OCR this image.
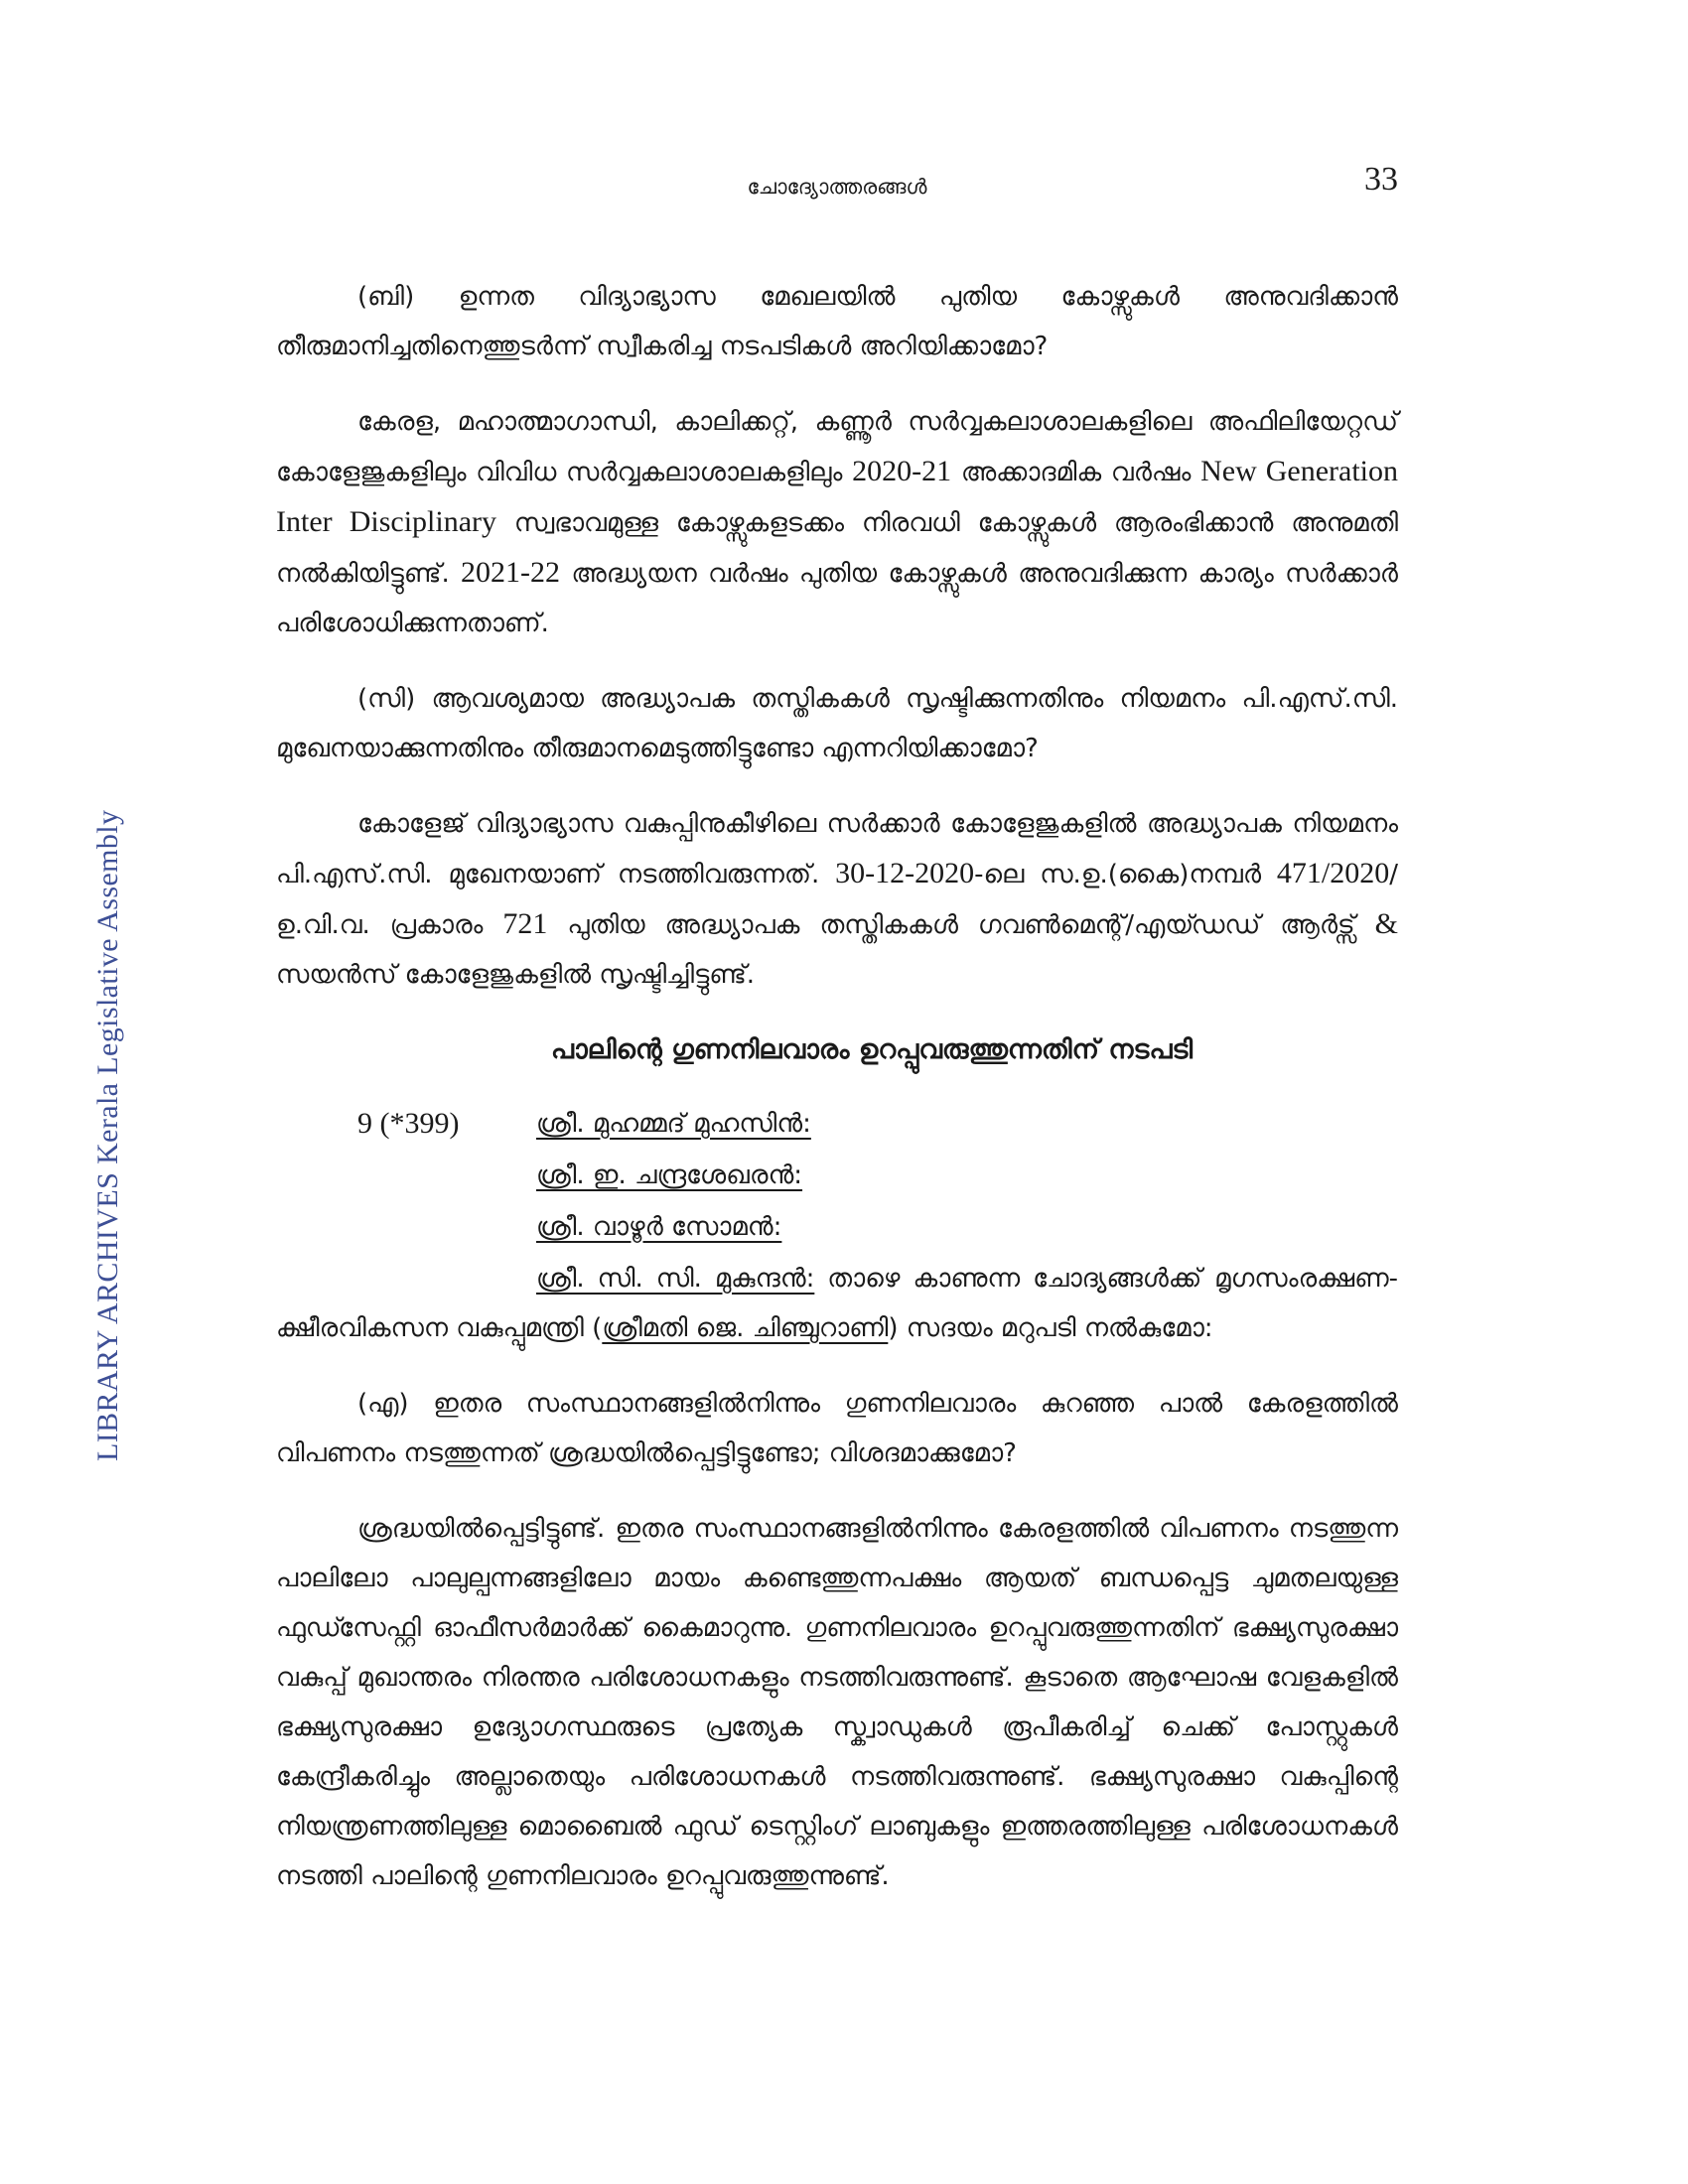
LIBRARY ARCHIVES Kerala Legislative Assembly
ചോദ്യോത്തരങ്ങൾ	33

(ബി) ഉന്നത വിദ്യാഭ്യാസ മേഖലയിൽ പുതിയ കോഴ്സുകൾ അനുവദിക്കാൻ തീരുമാനിച്ചതിനെത്തുടർന്ന് സ്വീകരിച്ച നടപടികൾ അറിയിക്കാമോ?

കേരള, മഹാത്മാഗാന്ധി, കാലിക്കറ്റ്, കണ്ണൂർ സർവ്വകലാശാലകളിലെ അഫിലിയേറ്റഡ് കോളേജുകളിലും വിവിധ സർവ്വകലാശാലകളിലും 2020-21 അക്കാദമിക വർഷം New Generation Inter Disciplinary സ്വഭാവമുള്ള കോഴ്സുകളടക്കം നിരവധി കോഴ്സുകൾ ആരംഭിക്കാൻ അനുമതി നൽകിയിട്ടുണ്ട്. 2021-22 അദ്ധ്യയന വർഷം പുതിയ കോഴ്സുകൾ അനുവദിക്കുന്ന കാര്യം സർക്കാർ പരിശോധിക്കുന്നതാണ്.

(സി) ആവശ്യമായ അദ്ധ്യാപക തസ്തികകൾ സൃഷ്ടിക്കുന്നതിനും നിയമനം പി.എസ്.സി. മുഖേനയാക്കുന്നതിനും തീരുമാനമെടുത്തിട്ടുണ്ടോ എന്നറിയിക്കാമോ?

കോളേജ് വിദ്യാഭ്യാസ വകുപ്പിനുകീഴിലെ സർക്കാർ കോളേജുകളിൽ അദ്ധ്യാപക നിയമനം പി.എസ്.സി. മുഖേനയാണ് നടത്തിവരുന്നത്. 30-12-2020-ലെ സ.ഉ.(കൈ)നമ്പർ 471/2020/ഉ.വി.വ. പ്രകാരം 721 പുതിയ അദ്ധ്യാപക തസ്തികകൾ ഗവൺമെന്റ്/എയ്ഡഡ് ആർട്സ് & സയൻസ് കോളേജുകളിൽ സൃഷ്ടിച്ചിട്ടുണ്ട്.

പാലിന്റെ ഗുണനിലവാരം ഉറപ്പുവരുത്തുന്നതിന് നടപടി
9 (*399)	ശ്രീ. മുഹമ്മദ് മുഹസിൻ:
ശ്രീ. ഇ. ചന്ദ്രശേഖരൻ:
ശ്രീ. വാഴൂർ സോമൻ:

ശ്രീ. സി. സി. മുകുന്ദൻ: താഴെ കാണുന്ന ചോദ്യങ്ങൾക്ക് മൃഗസംരക്ഷണ-ക്ഷീരവികസന വകുപ്പുമന്ത്രി (ശ്രീമതി ജെ. ചിഞ്ചുറാണി) സദയം മറുപടി നൽകുമോ:

(എ) ഇതര സംസ്ഥാനങ്ങളിൽനിന്നും ഗുണനിലവാരം കുറഞ്ഞ പാൽ കേരളത്തിൽ വിപണനം നടത്തുന്നത് ശ്രദ്ധയിൽപ്പെട്ടിട്ടുണ്ടോ; വിശദമാക്കുമോ?

ശ്രദ്ധയിൽപ്പെട്ടിട്ടുണ്ട്. ഇതര സംസ്ഥാനങ്ങളിൽനിന്നും കേരളത്തിൽ വിപണനം നടത്തുന്ന പാലിലോ പാലുല്പന്നങ്ങളിലോ മായം കണ്ടെത്തുന്നപക്ഷം ആയത് ബന്ധപ്പെട്ട ചുമതലയുള്ള ഫുഡ്സേഫ്റ്റി ഓഫീസർമാർക്ക് കൈമാറുന്നു. ഗുണനിലവാരം ഉറപ്പുവരുത്തുന്നതിന് ഭക്ഷ്യസുരക്ഷാ വകുപ്പ് മുഖാന്തരം നിരന്തര പരിശോധനകളും നടത്തിവരുന്നുണ്ട്. കൂടാതെ ആഘോഷ വേളകളിൽ ഭക്ഷ്യസുരക്ഷാ ഉദ്യോഗസ്ഥരുടെ പ്രത്യേക സ്ക്വാഡുകൾ രൂപീകരിച്ച് ചെക്ക് പോസ്റ്റുകൾ കേന്ദ്രീകരിച്ചും അല്ലാതെയും പരിശോധനകൾ നടത്തിവരുന്നുണ്ട്. ഭക്ഷ്യസുരക്ഷാ വകുപ്പിന്റെ നിയന്ത്രണത്തിലുള്ള മൊബൈൽ ഫുഡ് ടെസ്റ്റിംഗ് ലാബുകളും ഇത്തരത്തിലുള്ള പരിശോധനകൾ നടത്തി പാലിന്റെ ഗുണനിലവാരം ഉറപ്പുവരുത്തുന്നുണ്ട്.
